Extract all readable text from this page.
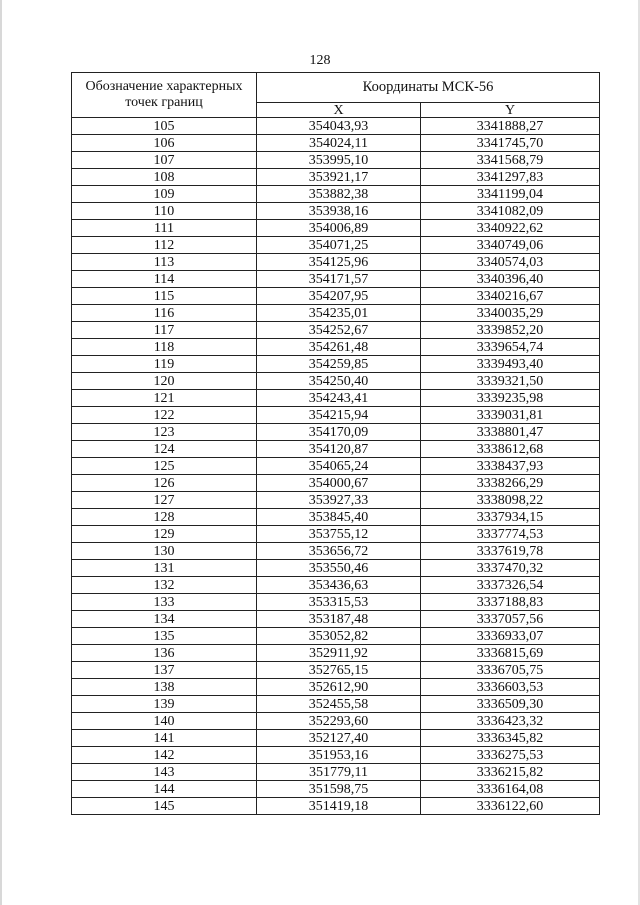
128
Обозначение характерных точек границ	Координаты МСК-56	
	X	Y
105	354043,93	3341888,27
106	354024,11	3341745,70
107	353995,10	3341568,79
108	353921,17	3341297,83
109	353882,38	3341199,04
110	353938,16	3341082,09
111	354006,89	3340922,62
112	354071,25	3340749,06
113	354125,96	3340574,03
114	354171,57	3340396,40
115	354207,95	3340216,67
116	354235,01	3340035,29
117	354252,67	3339852,20
118	354261,48	3339654,74
119	354259,85	3339493,40
120	354250,40	3339321,50
121	354243,41	3339235,98
122	354215,94	3339031,81
123	354170,09	3338801,47
124	354120,87	3338612,68
125	354065,24	3338437,93
126	354000,67	3338266,29
127	353927,33	3338098,22
128	353845,40	3337934,15
129	353755,12	3337774,53
130	353656,72	3337619,78
131	353550,46	3337470,32
132	353436,63	3337326,54
133	353315,53	3337188,83
134	353187,48	3337057,56
135	353052,82	3336933,07
136	352911,92	3336815,69
137	352765,15	3336705,75
138	352612,90	3336603,53
139	352455,58	3336509,30
140	352293,60	3336423,32
141	352127,40	3336345,82
142	351953,16	3336275,53
143	351779,11	3336215,82
144	351598,75	3336164,08
145	351419,18	3336122,60
